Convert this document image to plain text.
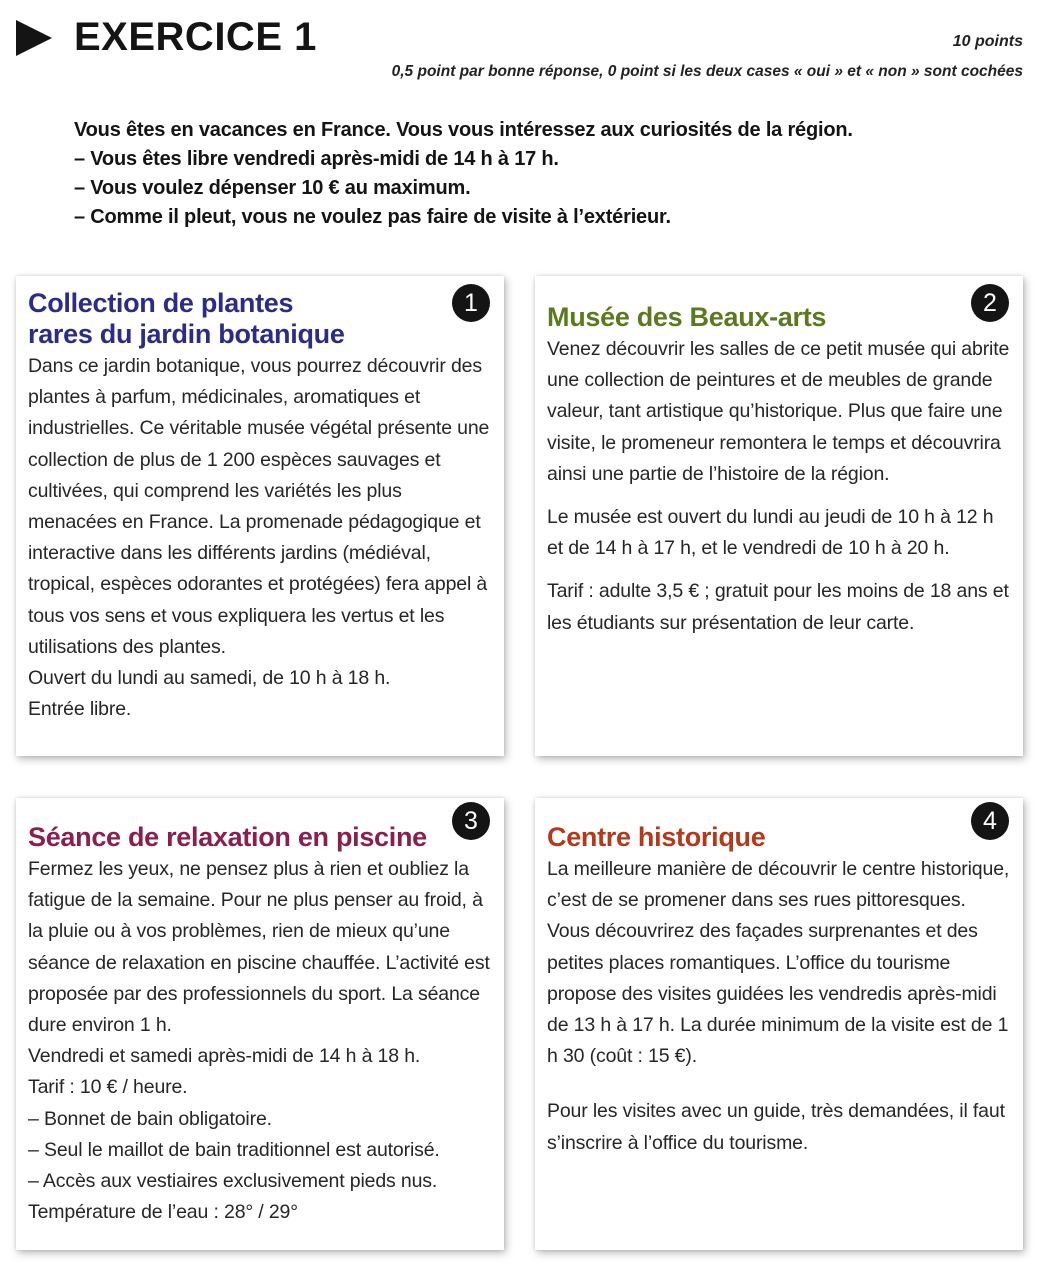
EXERCICE 1	10 points

0,5 point par bonne réponse, 0 point si les deux cases « oui » et « non » sont cochées

Vous êtes en vacances en France. Vous vous intéressez aux curiosités de la région.
– Vous êtes libre vendredi après-midi de 14 h à 17 h.
– Vous voulez dépenser 10 € au maximum.
– Comme il pleut, vous ne voulez pas faire de visite à l’extérieur.
1
Collection de plantes
rares du jardin botanique

Dans ce jardin botanique, vous pourrez découvrir des plantes à parfum, médicinales, aromatiques et industrielles. Ce véritable musée végétal présente une collection de plus de 1 200 espèces sauvages et cultivées, qui comprend les variétés les plus menacées en France. La promenade pédagogique et interactive dans les différents jardins (médiéval, tropical, espèces odorantes et protégées) fera appel à tous vos sens et vous expliquera les vertus et les utilisations des plantes.

Ouvert du lundi au samedi, de 10 h à 18 h.

Entrée libre.

2
Musée des Beaux-arts

Venez découvrir les salles de ce petit musée qui abrite une collection de peintures et de meubles de grande valeur, tant artistique qu’historique. Plus que faire une visite, le promeneur remontera le temps et découvrira ainsi une partie de l’histoire de la région.

Le musée est ouvert du lundi au jeudi de 10 h à 12 h et de 14 h à 17 h, et le vendredi de 10 h à 20 h.

Tarif : adulte 3,5 € ; gratuit pour les moins de 18 ans et les étudiants sur présentation de leur carte.

3
Séance de relaxation en piscine

Fermez les yeux, ne pensez plus à rien et oubliez la fatigue de la semaine. Pour ne plus penser au froid, à la pluie ou à vos problèmes, rien de mieux qu’une séance de relaxation en piscine chauffée. L’activité est proposée par des professionnels du sport. La séance dure environ 1 h.

Vendredi et samedi après-midi de 14 h à 18 h.

Tarif : 10 € / heure.

– Bonnet de bain obligatoire.

– Seul le maillot de bain traditionnel est autorisé.

– Accès aux vestiaires exclusivement pieds nus.

Température de l’eau : 28° / 29°

4
Centre historique

La meilleure manière de découvrir le centre historique, c’est de se promener dans ses rues pittoresques. Vous découvrirez des façades surprenantes et des petites places romantiques. L’office du tourisme propose des visites guidées les vendredis après-midi de 13 h à 17 h. La durée minimum de la visite est de 1 h 30 (coût : 15 €).

Pour les visites avec un guide, très demandées, il faut s’inscrire à l’office du tourisme.
